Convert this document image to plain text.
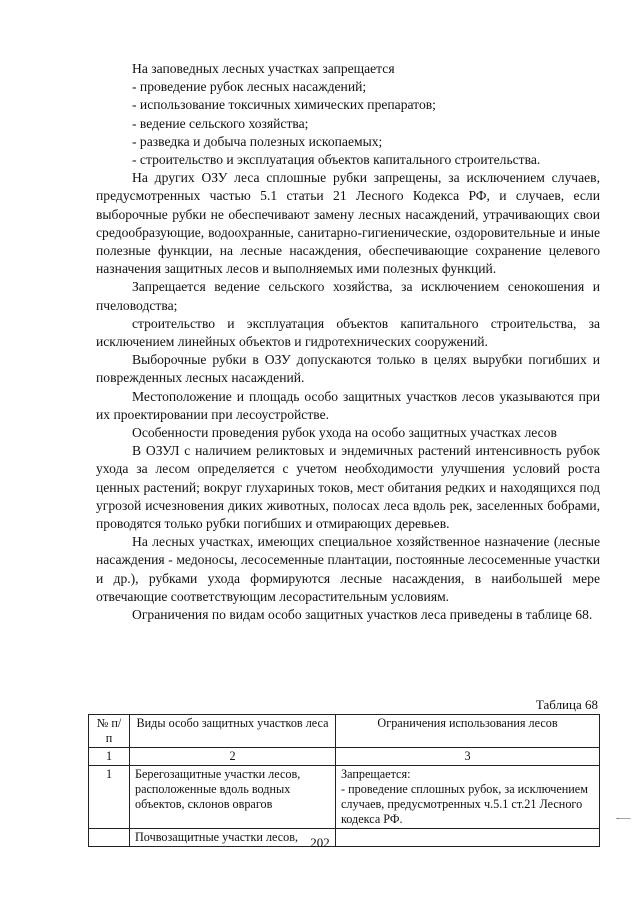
На заповедных лесных участках запрещается

- проведение рубок лесных насаждений;

- использование токсичных химических препаратов;

- ведение сельского хозяйства;

- разведка и добыча полезных ископаемых;

- строительство и эксплуатация объектов капитального строительства.

На других ОЗУ леса сплошные рубки запрещены, за исключением случаев, предусмотренных частью 5.1 статьи 21 Лесного Кодекса РФ, и случаев, если выборочные рубки не обеспечивают замену лесных насаждений, утрачивающих свои средообразующие, водоохранные, санитарно-гигиенические, оздоровительные и иные полезные функции, на лесные насаждения, обеспечивающие сохранение целевого назначения защитных лесов и выполняемых ими полезных функций.

Запрещается ведение сельского хозяйства, за исключением сенокошения и пчеловодства;

строительство и эксплуатация объектов капитального строительства, за исключением линейных объектов и гидротехнических сооружений.

Выборочные рубки в ОЗУ допускаются только в целях вырубки погибших и поврежденных лесных насаждений.

Местоположение и площадь особо защитных участков лесов указываются при их проектировании при лесоустройстве.

Особенности проведения рубок ухода на особо защитных участках лесов

В ОЗУЛ с наличием реликтовых и эндемичных растений интенсивность рубок ухода за лесом определяется с учетом необходимости улучшения условий роста ценных растений; вокруг глухариных токов, мест обитания редких и находящихся под угрозой исчезновения диких животных, полосах леса вдоль рек, заселенных бобрами, проводятся только рубки погибших и отмирающих деревьев.

На лесных участках, имеющих специальное хозяйственное назначение (лесные насаждения - медоносы, лесосеменные плантации, постоянные лесосеменные участки и др.), рубками ухода формируются лесные насаждения, в наибольшей мере отвечающие соответствующим лесорастительным условиям.

Ограничения по видам особо защитных участков леса приведены в таблице 68.

Таблица 68
№ п/п	Виды особо защитных участков леса	Ограничения использования лесов
1	2	3
1	Берегозащитные участки лесов, расположенные вдоль водных объектов, склонов оврагов	Запрещается:
- проведение сплошных рубок, за исключением случаев, предусмотренных ч.5.1 ст.21 Лесного кодекса РФ.

	Почвозащитные участки лесов,	
-—
202
